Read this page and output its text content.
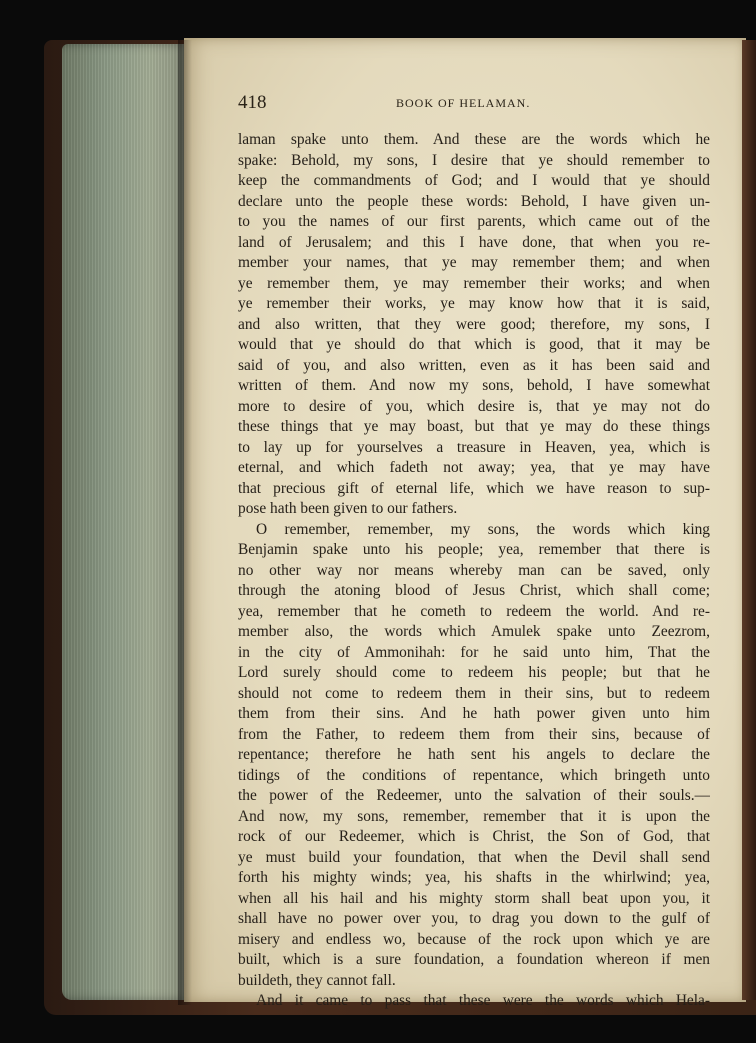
418	BOOK OF HELAMAN.
laman spake unto them. And these are the words which he
spake: Behold, my sons, I desire that ye should remember to
keep the commandments of God; and I would that ye should
declare unto the people these words: Behold, I have given un-
to you the names of our first parents, which came out of the
land of Jerusalem; and this I have done, that when you re-
member your names, that ye may remember them; and when
ye remember them, ye may remember their works; and when
ye remember their works, ye may know how that it is said,
and also written, that they were good; therefore, my sons, I
would that ye should do that which is good, that it may be
said of you, and also written, even as it has been said and
written of them. And now my sons, behold, I have somewhat
more to desire of you, which desire is, that ye may not do
these things that ye may boast, but that ye may do these things
to lay up for yourselves a treasure in Heaven, yea, which is
eternal, and which fadeth not away; yea, that ye may have
that precious gift of eternal life, which we have reason to sup-
pose hath been given to our fathers.
O remember, remember, my sons, the words which king
Benjamin spake unto his people; yea, remember that there is
no other way nor means whereby man can be saved, only
through the atoning blood of Jesus Christ, which shall come;
yea, remember that he cometh to redeem the world. And re-
member also, the words which Amulek spake unto Zeezrom,
in the city of Ammonihah: for he said unto him, That the
Lord surely should come to redeem his people; but that he
should not come to redeem them in their sins, but to redeem
them from their sins. And he hath power given unto him
from the Father, to redeem them from their sins, because of
repentance; therefore he hath sent his angels to declare the
tidings of the conditions of repentance, which bringeth unto
the power of the Redeemer, unto the salvation of their souls.—
And now, my sons, remember, remember that it is upon the
rock of our Redeemer, which is Christ, the Son of God, that
ye must build your foundation, that when the Devil shall send
forth his mighty winds; yea, his shafts in the whirlwind; yea,
when all his hail and his mighty storm shall beat upon you, it
shall have no power over you, to drag you down to the gulf of
misery and endless wo, because of the rock upon which ye are
built, which is a sure foundation, a foundation whereon if men
buildeth, they cannot fall.
And it came to pass that these were the words which Hela-
